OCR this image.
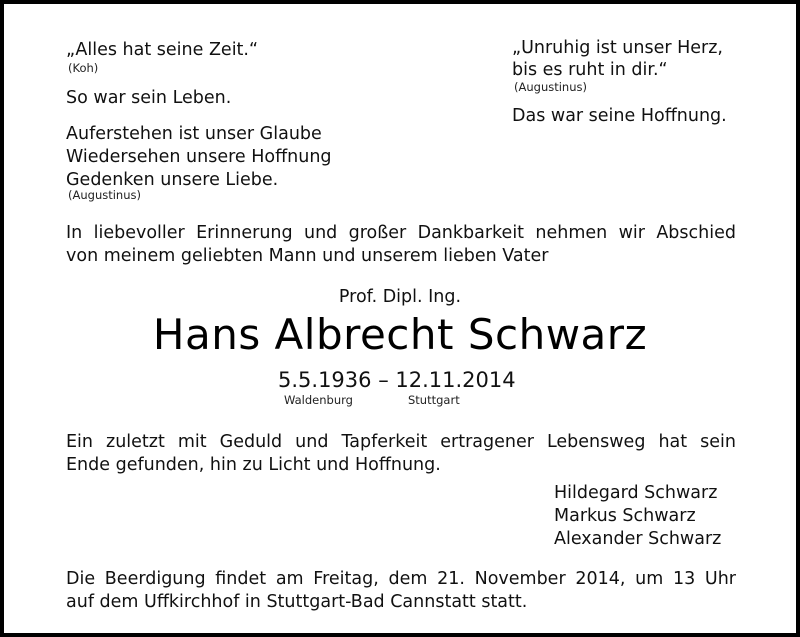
„Alles hat seine Zeit.“
(Koh)
So war sein Leben.
„Unruhig ist unser Herz,
bis es ruht in dir.“
(Augustinus)
Das war seine Hoffnung.
Auferstehen ist unser Glaube
Wiedersehen unsere Hoffnung
Gedenken unsere Liebe.
(Augustinus)
In liebevoller Erinnerung und großer Dankbarkeit nehmen wir Abschied
von meinem geliebten Mann und unserem lieben Vater
Prof. Dipl. Ing.
Hans Albrecht Schwarz
5.5.1936 – 12.11.2014
Waldenburg	Stuttgart
Ein zuletzt mit Geduld und Tapferkeit ertragener Lebensweg hat sein
Ende gefunden, hin zu Licht und Hoffnung.
Hildegard Schwarz
Markus Schwarz
Alexander Schwarz
Die Beerdigung findet am Freitag, dem 21. November 2014, um 13 Uhr
auf dem Uffkirchhof in Stuttgart-Bad Cannstatt statt.
